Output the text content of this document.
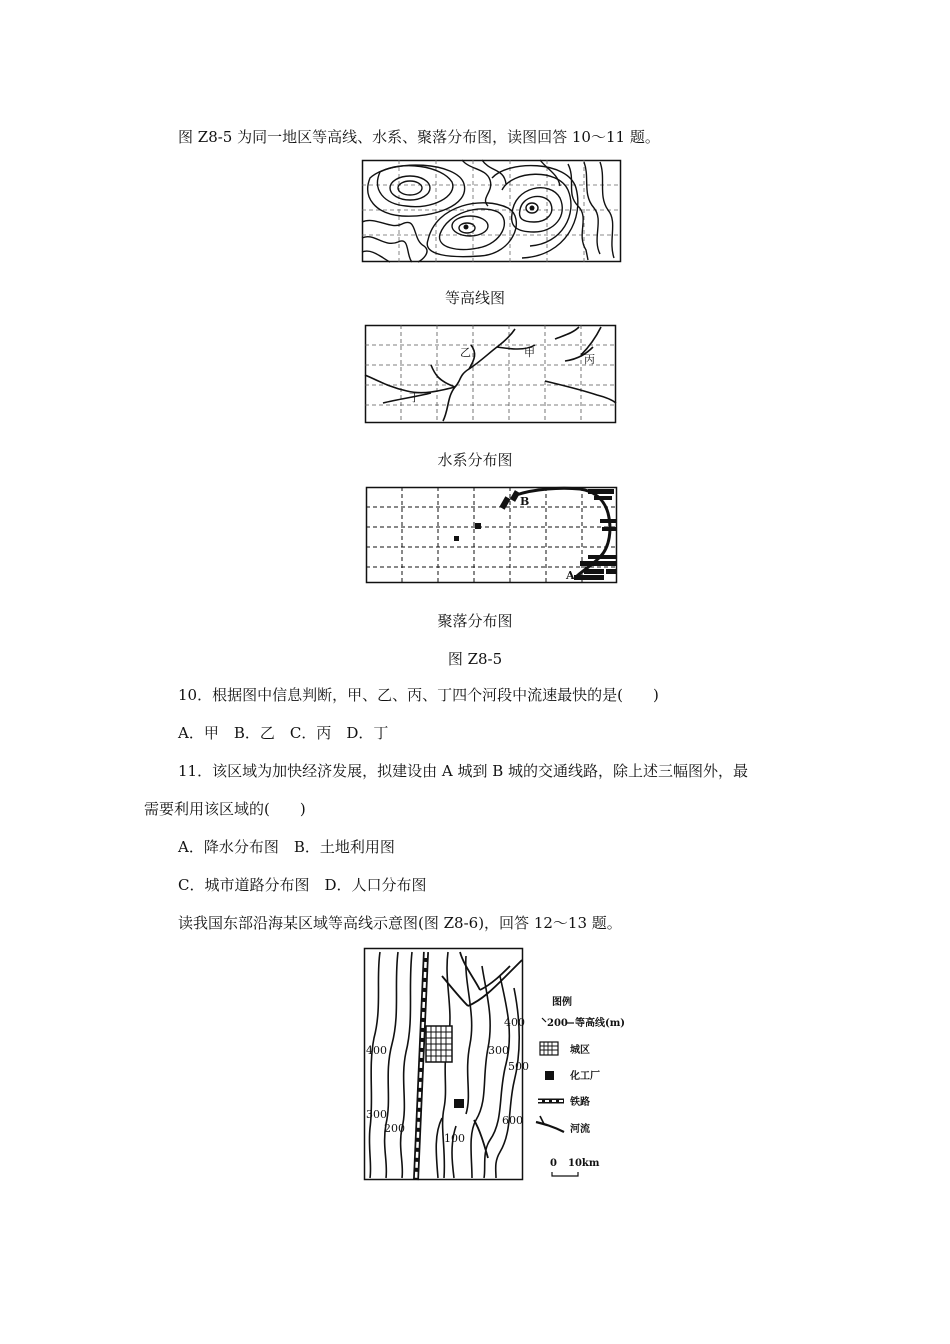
图 Z8-5 为同一地区等高线、水系、聚落分布图，读图回答 10～11 题。
等高线图
乙	甲
丙
丁
水系分布图
B
A
聚落分布图
图 Z8-5
10．根据图中信息判断，甲、乙、丙、丁四个河段中流速最快的是(　　)
A．甲　B．乙　C．丙　D．丁
11．该区域为加快经济发展，拟建设由 A 城到 B 城的交通线路，除上述三幅图外，最
需要利用该区域的(　　)
A．降水分布图　B．土地利用图
C．城市道路分布图　D．人口分布图
读我国东部沿海某区域等高线示意图(图 Z8-6)，回答 12～13 题。
400
400	300
500
300
200
600
100
图例
200 等高线(m)
城区
化工厂
铁路
河流
0 10km
